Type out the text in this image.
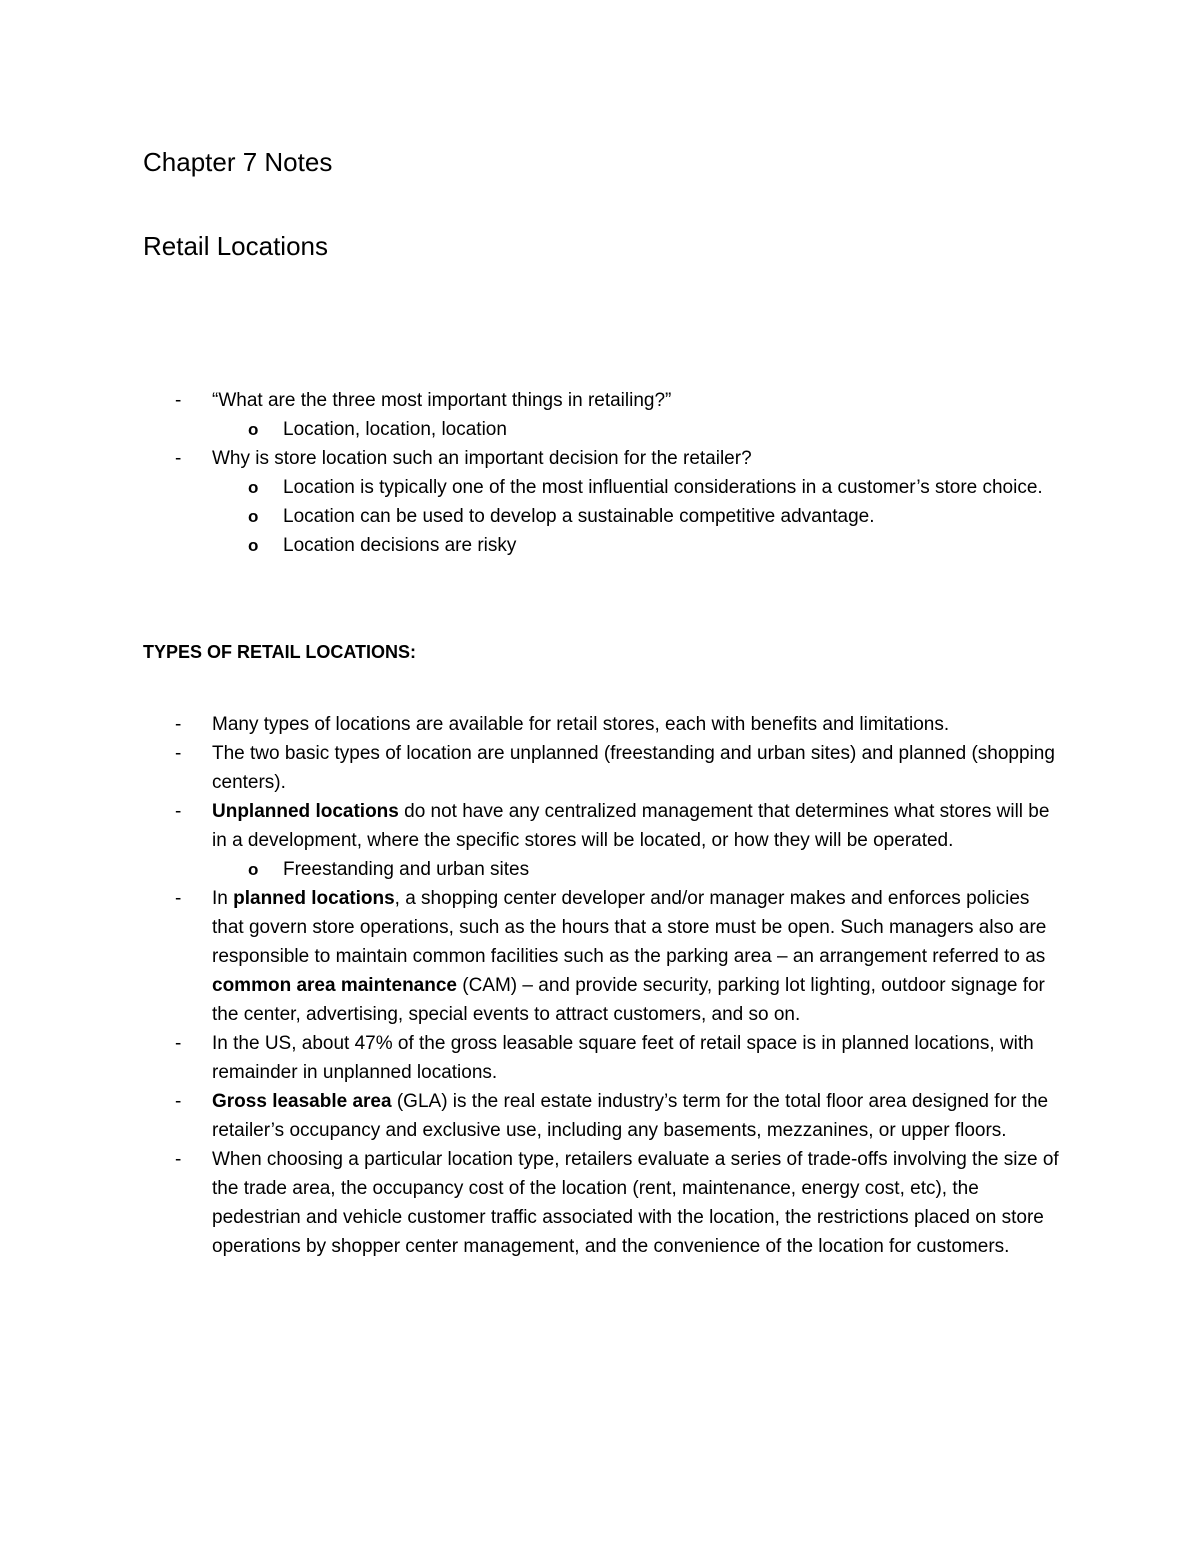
Chapter 7 Notes
Retail Locations
-	“What are the three most important things in retailing?”
o Location, location, location
-	Why is store location such an important decision for the retailer?
o Location is typically one of the most influential considerations in a customer’s store choice.
o Location can be used to develop a sustainable competitive advantage.
o Location decisions are risky
TYPES OF RETAIL LOCATIONS:
-	Many types of locations are available for retail stores, each with benefits and limitations.
-	The two basic types of location are unplanned (freestanding and urban sites) and planned (shopping centers).
-	Unplanned locations do not have any centralized management that determines what stores will be in a development, where the specific stores will be located, or how they will be operated.
o Freestanding and urban sites
-	In planned locations, a shopping center developer and/or manager makes and enforces policies that govern store operations, such as the hours that a store must be open. Such managers also are responsible to maintain common facilities such as the parking area – an arrangement referred to as common area maintenance (CAM) – and provide security, parking lot lighting, outdoor signage for the center, advertising, special events to attract customers, and so on.
-	In the US, about 47% of the gross leasable square feet of retail space is in planned locations, with remainder in unplanned locations.
-	Gross leasable area (GLA) is the real estate industry’s term for the total floor area designed for the retailer’s occupancy and exclusive use, including any basements, mezzanines, or upper floors.
-	When choosing a particular location type, retailers evaluate a series of trade-offs involving the size of the trade area, the occupancy cost of the location (rent, maintenance, energy cost, etc), the pedestrian and vehicle customer traffic associated with the location, the restrictions placed on store operations by shopper center management, and the convenience of the location for customers.
